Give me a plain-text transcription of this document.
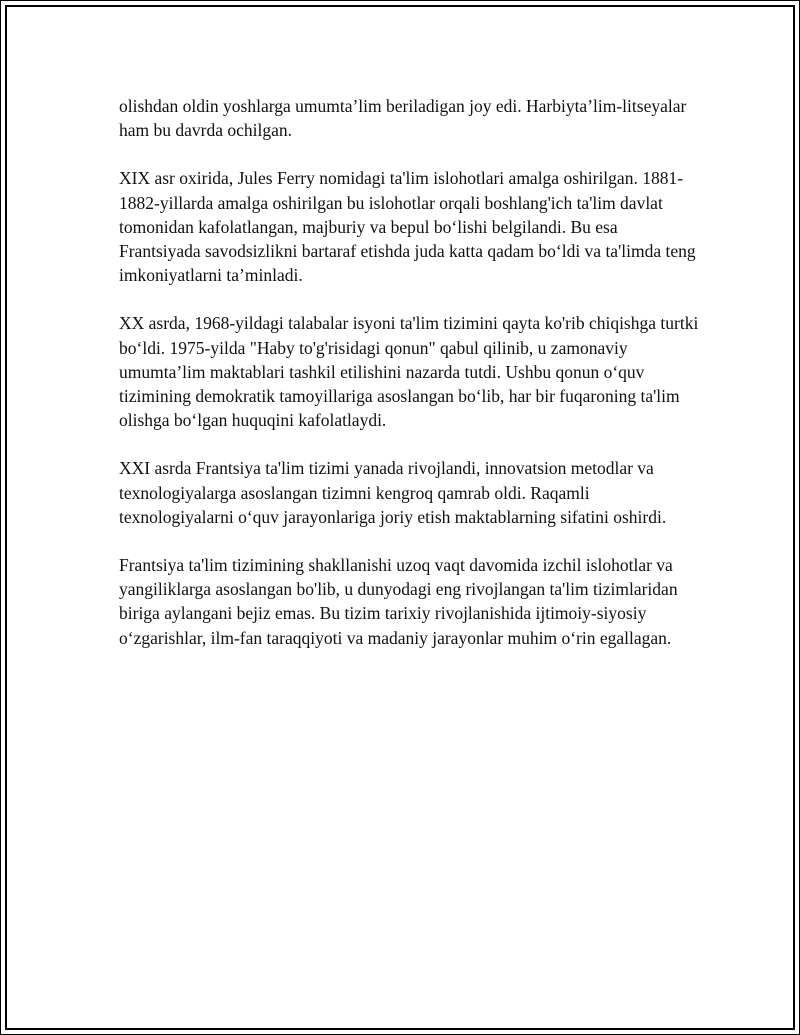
olishdan oldin yoshlarga umumta’lim beriladigan joy edi. Harbiyta’lim-litseyalar ham bu davrda ochilgan.

XIX asr oxirida, Jules Ferry nomidagi ta'lim islohotlari amalga oshirilgan. 1881-1882-yillarda amalga oshirilgan bu islohotlar orqali boshlang'ich ta'lim davlat tomonidan kafolatlangan, majburiy va bepul bo‘lishi belgilandi. Bu esa Frantsiyada savodsizlikni bartaraf etishda juda katta qadam bo‘ldi va ta'limda teng imkoniyatlarni ta’minladi.

XX asrda, 1968-yildagi talabalar isyoni ta'lim tizimini qayta ko'rib chiqishga turtki bo‘ldi. 1975-yilda "Haby to'g'risidagi qonun" qabul qilinib, u zamonaviy umumta’lim maktablari tashkil etilishini nazarda tutdi. Ushbu qonun o‘quv tizimining demokratik tamoyillariga asoslangan bo‘lib, har bir fuqaroning ta'lim olishga bo‘lgan huquqini kafolatlaydi.

XXI asrda Frantsiya ta'lim tizimi yanada rivojlandi, innovatsion metodlar va texnologiyalarga asoslangan tizimni kengroq qamrab oldi. Raqamli texnologiyalarni o‘quv jarayonlariga joriy etish maktablarning sifatini oshirdi.

Frantsiya ta'lim tizimining shakllanishi uzoq vaqt davomida izchil islohotlar va yangiliklarga asoslangan bo'lib, u dunyodagi eng rivojlangan ta'lim tizimlaridan biriga aylangani bejiz emas. Bu tizim tarixiy rivojlanishida ijtimoiy-siyosiy o‘zgarishlar, ilm-fan taraqqiyoti va madaniy jarayonlar muhim o‘rin egallagan.
